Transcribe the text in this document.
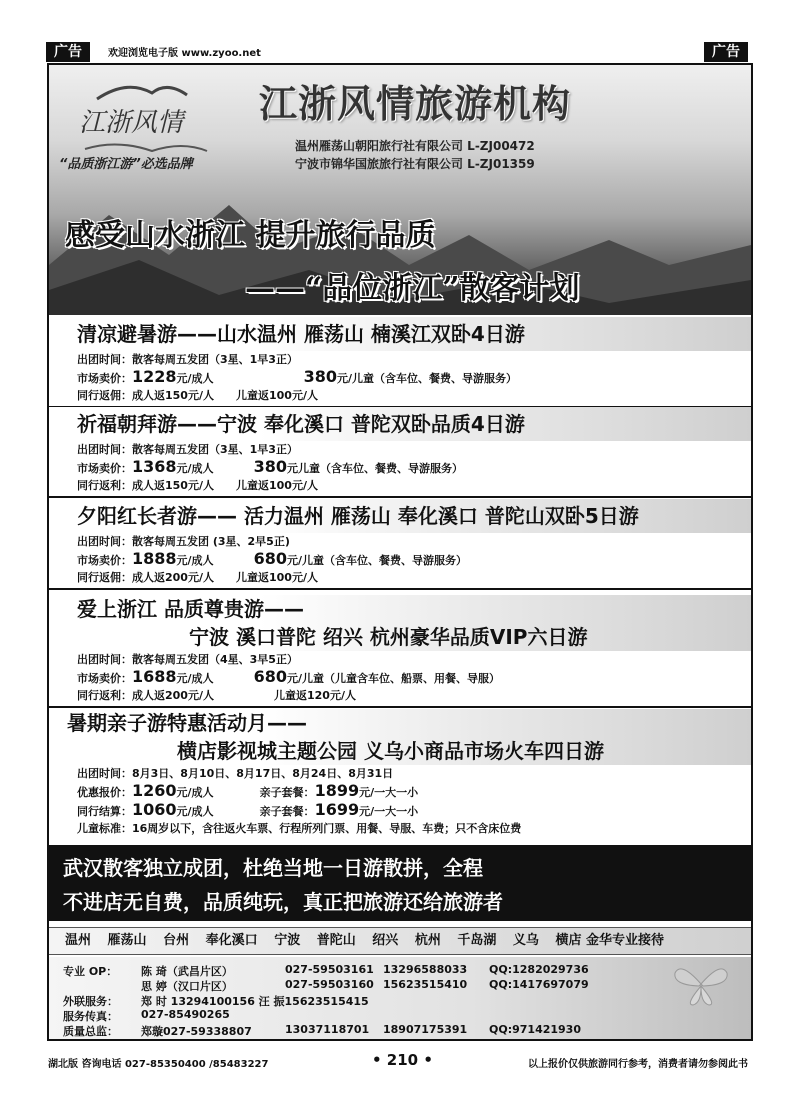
广告	欢迎浏览电子版 www.zyoo.net	广告
江浙风情 江浙风情旅游机构
温州雁荡山朝阳旅行社有限公司 L-ZJ00472
宁波市锦华国旅旅行社有限公司 L-ZJ01359
“品质浙江游”必选品牌
感受山水浙江 提升旅行品质
——“品位浙江”散客计划
清凉避暑游——山水温州 雁荡山 楠溪江双卧4日游
出团时间：散客每周五发团（3星、1早3正）
市场卖价：1228元/成人	380元/儿童（含车位、餐费、导游服务）
同行返佣：成人返150元/人 儿童返100元/人
祈福朝拜游——宁波 奉化溪口 普陀双卧品质4日游
出团时间：散客每周五发团（3星、1早3正）
市场卖价：1368元/成人	380元儿童（含车位、餐费、导游服务）
同行返利：成人返150元/人 儿童返100元/人
夕阳红长者游—— 活力温州 雁荡山 奉化溪口 普陀山双卧5日游
出团时间：散客每周五发团 (3星、2早5正)
市场卖价：1888元/成人	680元/儿童（含车位、餐费、导游服务）
同行返佣：成人返200元/人 儿童返100元/人
爱上浙江 品质尊贵游——
宁波 溪口普陀 绍兴 杭州豪华品质VIP六日游
出团时间：散客每周五发团（4星、3早5正）
市场卖价：1688元/成人	680元/儿童（儿童含车位、船票、用餐、导服）
同行返利：成人返200元/人	儿童返120元/人
暑期亲子游特惠活动月——
横店影视城主题公园 义乌小商品市场火车四日游
出团时间：8月3日、8月10日、8月17日、8月24日、8月31日
优惠报价：1260元/成人	亲子套餐：1899元/一大一小
同行结算：1060元/成人	亲子套餐：1699元/一大一小
儿童标准：16周岁以下，含往返火车票、行程所列门票、用餐、导服、车费；只不含床位费
武汉散客独立成团，杜绝当地一日游散拼，全程
不进店无自费，品质纯玩，真正把旅游还给旅游者
温州 雁荡山 台州 奉化溪口 宁波 普陀山 绍兴 杭州 千岛湖 义乌 横店 金华专业接待
专业 OP： 陈 琦（武昌片区）	027-59503161 13296588033 QQ:1282029736
思 婷（汉口片区）	027-59503160 15623515410 QQ:1417697079
外联服务： 郑 时 13294100156 汪 振15623515415
服务传真： 027-85490265
质量总监： 郑璇027-59338807	13037118701 18907175391 QQ:971421930
湖北版 咨询电话 027-85350400 /85483227	• 210 •	以上报价仅供旅游同行参考，消费者请勿参阅此书
